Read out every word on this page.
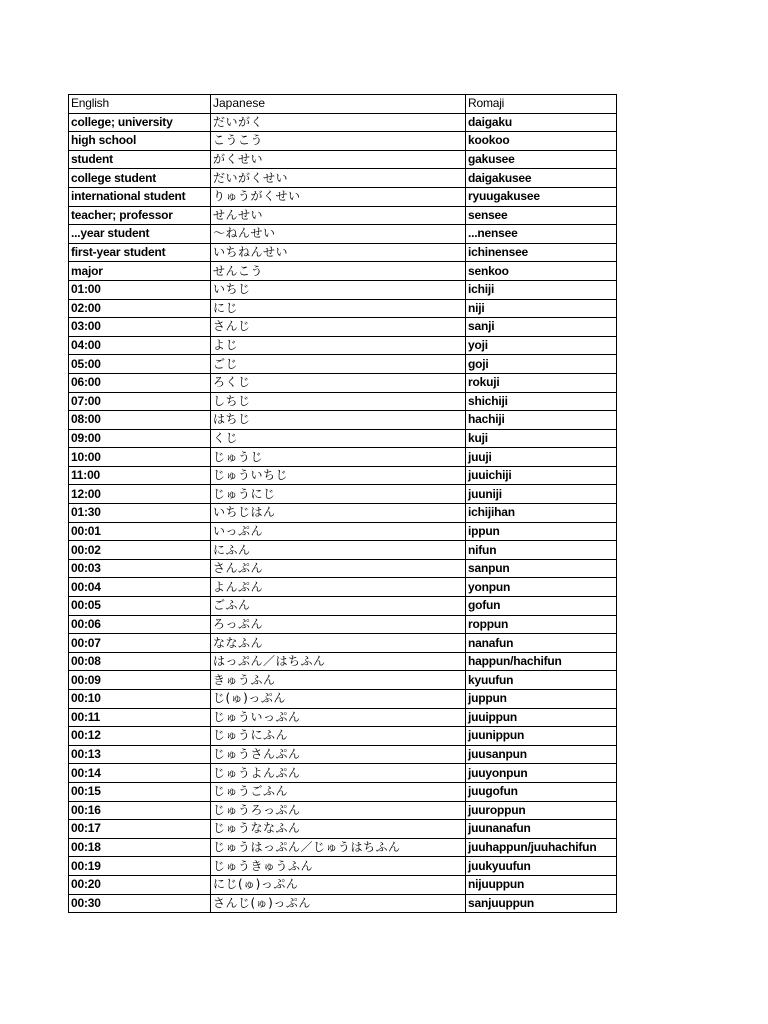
English	Japanese	Romaji
college; university	だいがく	daigaku
high school	こうこう	kookoo
student	がくせい	gakusee
college student	だいがくせい	daigakusee
international student	りゅうがくせい	ryuugakusee
teacher; professor	せんせい	sensee
...year student	〜ねんせい	...nensee
first-year student	いちねんせい	ichinensee
major	せんこう	senkoo
01:00	いちじ	ichiji
02:00	にじ	niji
03:00	さんじ	sanji
04:00	よじ	yoji
05:00	ごじ	goji
06:00	ろくじ	rokuji
07:00	しちじ	shichiji
08:00	はちじ	hachiji
09:00	くじ	kuji
10:00	じゅうじ	juuji
11:00	じゅういちじ	juuichiji
12:00	じゅうにじ	juuniji
01:30	いちじはん	ichijihan
00:01	いっぷん	ippun
00:02	にふん	nifun
00:03	さんぷん	sanpun
00:04	よんぷん	yonpun
00:05	ごふん	gofun
00:06	ろっぷん	roppun
00:07	ななふん	nanafun
00:08	はっぷん／はちふん	happun/hachifun
00:09	きゅうふん	kyuufun
00:10	じ(ゅ)っぷん	juppun
00:11	じゅういっぷん	juuippun
00:12	じゅうにふん	juunippun
00:13	じゅうさんぷん	juusanpun
00:14	じゅうよんぷん	juuyonpun
00:15	じゅうごふん	juugofun
00:16	じゅうろっぷん	juuroppun
00:17	じゅうななふん	juunanafun
00:18	じゅうはっぷん／じゅうはちふん	juuhappun/juuhachifun
00:19	じゅうきゅうふん	juukyuufun
00:20	にじ(ゅ)っぷん	nijuuppun
00:30	さんじ(ゅ)っぷん	sanjuuppun
